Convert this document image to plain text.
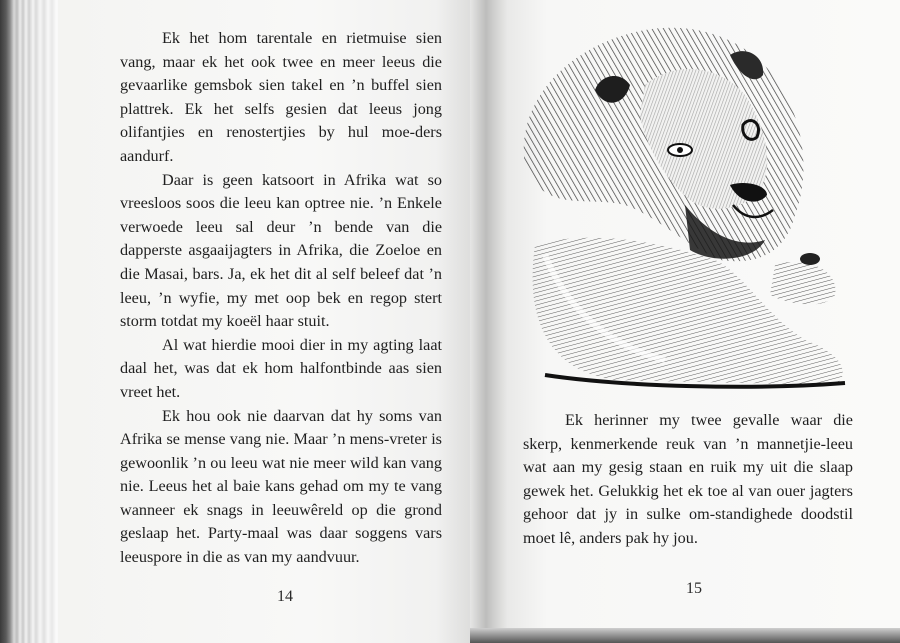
Ek het hom tarentale en rietmuise sien vang, maar ek het ook twee en meer leeus die gevaarlike gemsbok sien takel en ’n buffel sien plattrek. Ek het selfs gesien dat leeus jong olifantjies en renostertjies by hul moe-ders aandurf.

Daar is geen katsoort in Afrika wat so vreesloos soos die leeu kan optree nie. ’n Enkele verwoede leeu sal deur ’n bende van die dapperste asgaaijagters in Afrika, die Zoeloe en die Masai, bars. Ja, ek het dit al self beleef dat ’n leeu, ’n wyfie, my met oop bek en regop stert storm totdat my koeël haar stuit.

Al wat hierdie mooi dier in my agting laat daal het, was dat ek hom halfontbinde aas sien vreet het.

Ek hou ook nie daarvan dat hy soms van Afrika se mense vang nie. Maar ’n mens-vreter is gewoonlik ’n ou leeu wat nie meer wild kan vang nie. Leeus het al baie kans gehad om my te vang wanneer ek snags in leeuwêreld op die grond geslaap het. Party-maal was daar soggens vars leeuspore in die as van my aandvuur.

14

Ek herinner my twee gevalle waar die skerp, kenmerkende reuk van ’n mannetjie-leeu wat aan my gesig staan en ruik my uit die slaap gewek het. Gelukkig het ek toe al van ouer jagters gehoor dat jy in sulke om-standighede doodstil moet lê, anders pak hy jou.

15
